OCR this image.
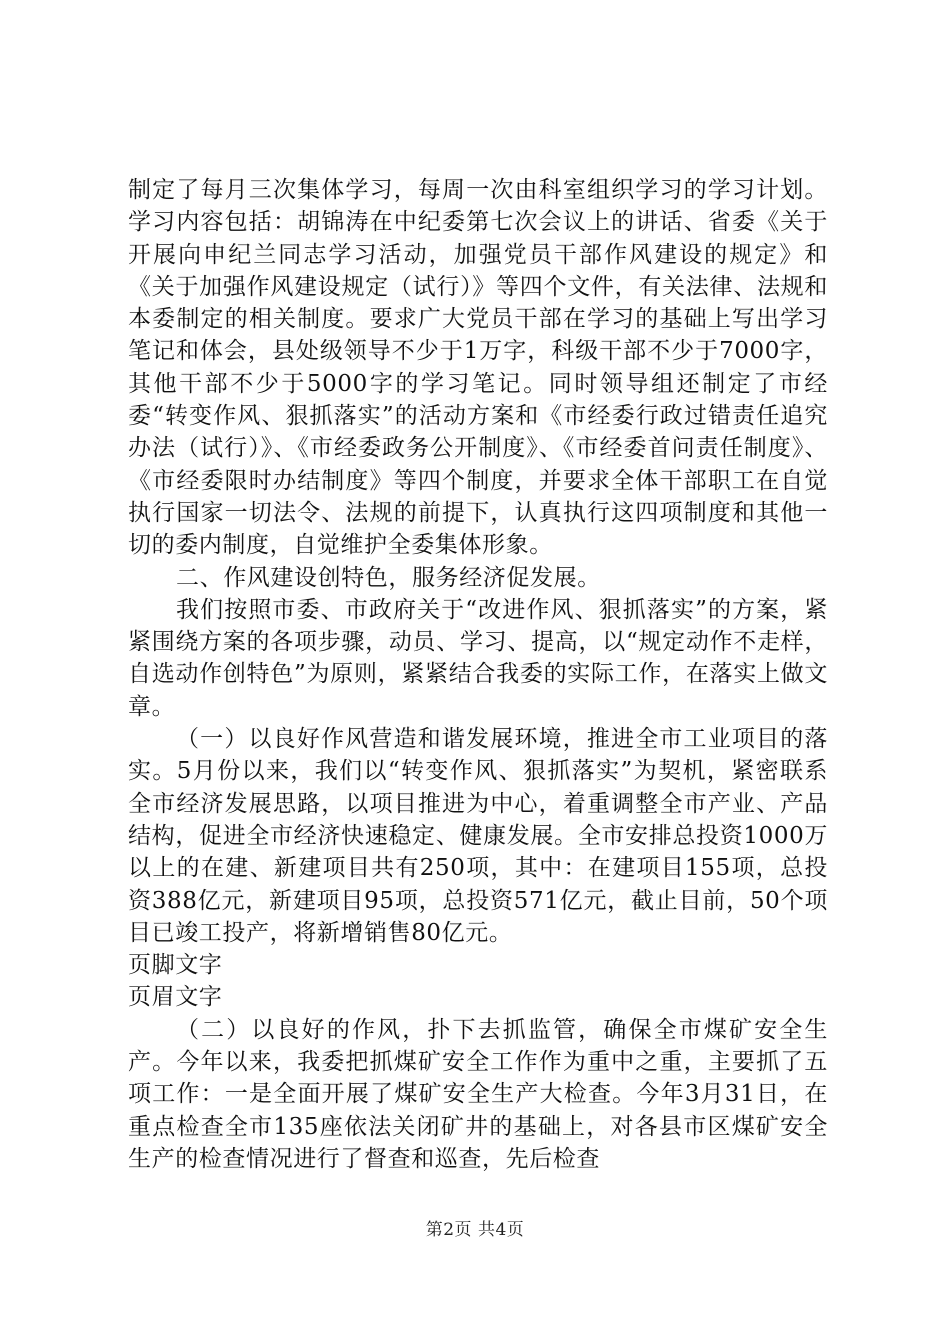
制定了每月三次集体学习，每周一次由科室组织学习的学习计划。学习内容包括：胡锦涛在中纪委第七次会议上的讲话、省委《关于开展向申纪兰同志学习活动，加强党员干部作风建设的规定》和《关于加强作风建设规定（试行）》等四个文件，有关法律、法规和本委制定的相关制度。要求广大党员干部在学习的基础上写出学习笔记和体会，县处级领导不少于1万字，科级干部不少于7000字，其他干部不少于5000字的学习笔记。同时领导组还制定了市经委“转变作风、狠抓落实”的活动方案和《市经委行政过错责任追究办法（试行）》、《市经委政务公开制度》、《市经委首问责任制度》、《市经委限时办结制度》等四个制度，并要求全体干部职工在自觉执行国家一切法令、法规的前提下，认真执行这四项制度和其他一切的委内制度，自觉维护全委集体形象。

二、作风建设创特色，服务经济促发展。

我们按照市委、市政府关于“改进作风、狠抓落实”的方案，紧紧围绕方案的各项步骤，动员、学习、提高，以“规定动作不走样，自选动作创特色”为原则，紧紧结合我委的实际工作，在落实上做文章。

（一）以良好作风营造和谐发展环境，推进全市工业项目的落实。5月份以来，我们以“转变作风、狠抓落实”为契机，紧密联系全市经济发展思路，以项目推进为中心，着重调整全市产业、产品结构，促进全市经济快速稳定、健康发展。全市安排总投资1000万以上的在建、新建项目共有250项，其中：在建项目155项，总投资388亿元，新建项目95项，总投资571亿元，截止目前，50个项目已竣工投产，将新增销售80亿元。

页脚文字

页眉文字

（二）以良好的作风，扑下去抓监管，确保全市煤矿安全生产。今年以来，我委把抓煤矿安全工作作为重中之重，主要抓了五项工作：一是全面开展了煤矿安全生产大检查。今年3月31日，在重点检查全市135座依法关闭矿井的基础上，对各县市区煤矿安全生产的检查情况进行了督查和巡查，先后检查

第2页 共4页
